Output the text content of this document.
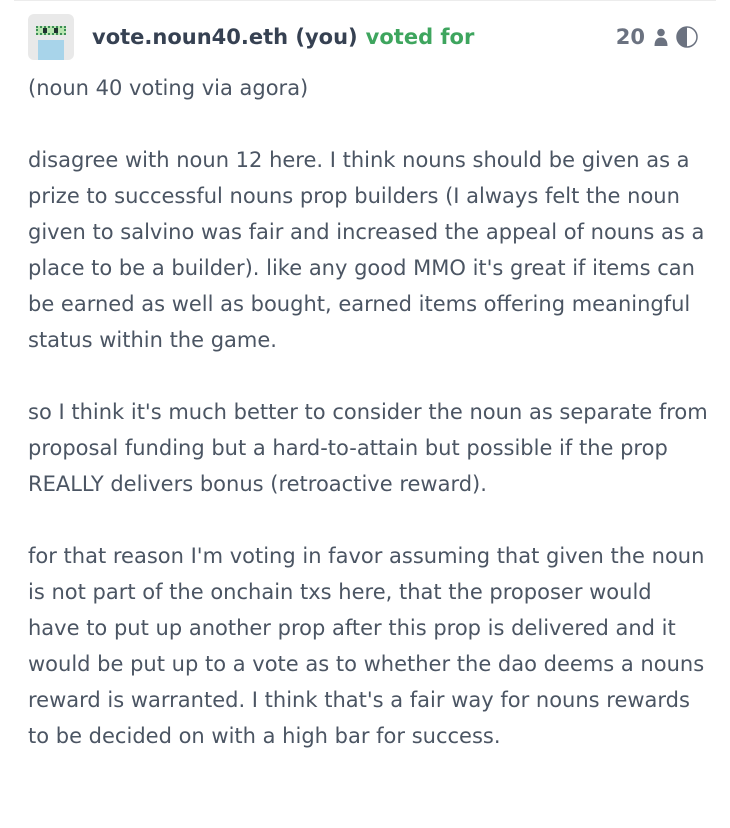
vote.noun40.eth (you) voted for	20

(noun 40 voting via agora)

disagree with noun 12 here. I think nouns should be given as a prize to successful nouns prop builders (I always felt the noun given to salvino was fair and increased the appeal of nouns as a place to be a builder). like any good MMO it's great if items can be earned as well as bought, earned items offering meaningful status within the game.

so I think it's much better to consider the noun as separate from proposal funding but a hard-to-attain but possible if the prop REALLY delivers bonus (retroactive reward).

for that reason I'm voting in favor assuming that given the noun is not part of the onchain txs here, that the proposer would have to put up another prop after this prop is delivered and it would be put up to a vote as to whether the dao deems a nouns reward is warranted. I think that's a fair way for nouns rewards to be decided on with a high bar for success.
